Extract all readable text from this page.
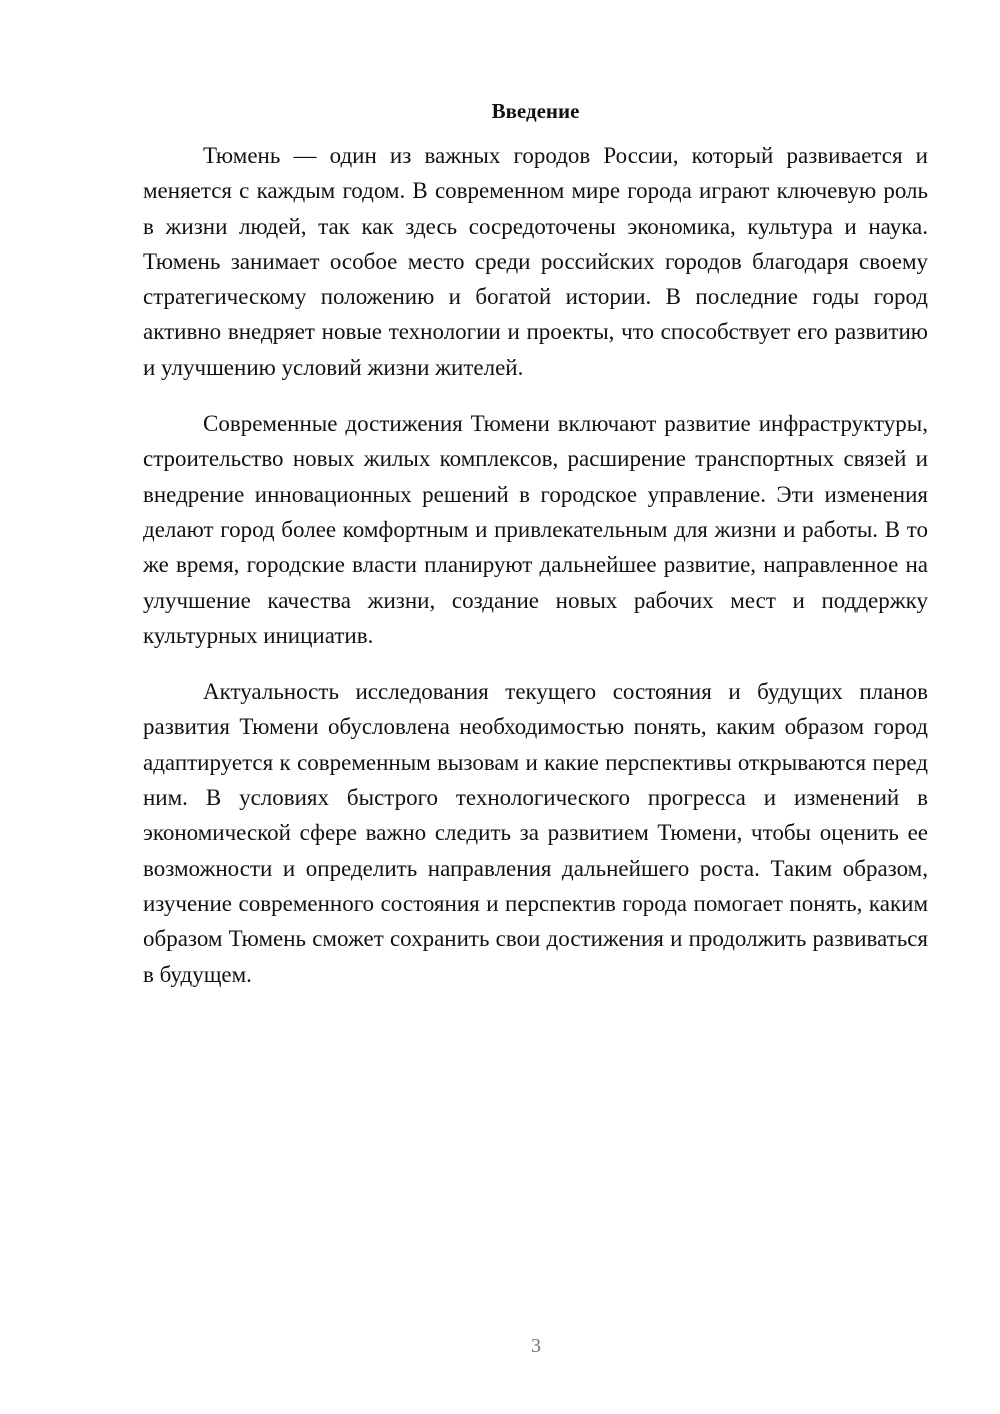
Введение

Тюмень — один из важных городов России, который развивается и меняется с каждым годом. В современном мире города играют ключевую роль в жизни людей, так как здесь сосредоточены экономика, культура и наука. Тюмень занимает особое место среди российских городов благодаря своему стратегическому положению и богатой истории. В последние годы город активно внедряет новые технологии и проекты, что способствует его развитию и улучшению условий жизни жителей.

Современные достижения Тюмени включают развитие инфраструктуры, строительство новых жилых комплексов, расширение транспортных связей и внедрение инновационных решений в городское управление. Эти изменения делают город более комфортным и привлекательным для жизни и работы. В то же время, городские власти планируют дальнейшее развитие, направленное на улучшение качества жизни, создание новых рабочих мест и поддержку культурных инициатив.

Актуальность исследования текущего состояния и будущих планов развития Тюмени обусловлена необходимостью понять, каким образом город адаптируется к современным вызовам и какие перспективы открываются перед ним. В условиях быстрого технологического прогресса и изменений в экономической сфере важно следить за развитием Тюмени, чтобы оценить ее возможности и определить направления дальнейшего роста. Таким образом, изучение современного состояния и перспектив города помогает понять, каким образом Тюмень сможет сохранить свои достижения и продолжить развиваться в будущем.

3
